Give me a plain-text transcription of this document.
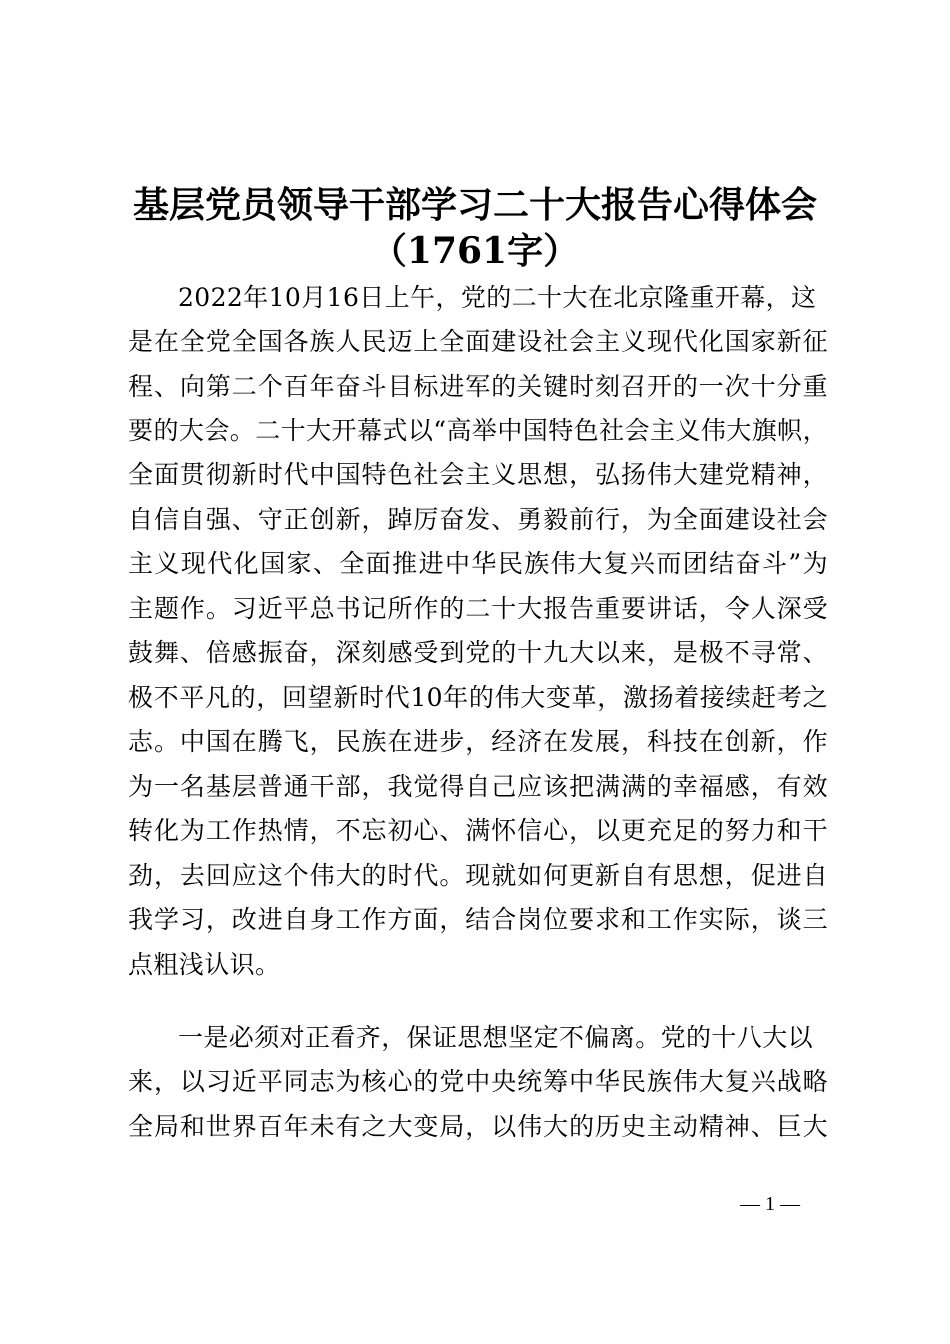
基层党员领导干部学习二十大报告心得体会
（1761字）

2022年10月16日上午，党的二十大在北京隆重开幕，这

是在全党全国各族人民迈上全面建设社会主义现代化国家新征

程、向第二个百年奋斗目标进军的关键时刻召开的一次十分重

要的大会。二十大开幕式以“高举中国特色社会主义伟大旗帜，

全面贯彻新时代中国特色社会主义思想，弘扬伟大建党精神，

自信自强、守正创新，踔厉奋发、勇毅前行，为全面建设社会

主义现代化国家、全面推进中华民族伟大复兴而团结奋斗”为

主题作。习近平总书记所作的二十大报告重要讲话，令人深受

鼓舞、倍感振奋，深刻感受到党的十九大以来，是极不寻常、

极不平凡的，回望新时代10年的伟大变革，激扬着接续赶考之

志。中国在腾飞，民族在进步，经济在发展，科技在创新，作

为一名基层普通干部，我觉得自己应该把满满的幸福感，有效

转化为工作热情，不忘初心、满怀信心，以更充足的努力和干

劲，去回应这个伟大的时代。现就如何更新自有思想，促进自

我学习，改进自身工作方面，结合岗位要求和工作实际，谈三

点粗浅认识。

一是必须对正看齐，保证思想坚定不偏离。党的十八大以

来，以习近平同志为核心的党中央统筹中华民族伟大复兴战略

全局和世界百年未有之大变局，以伟大的历史主动精神、巨大

— 1 —
